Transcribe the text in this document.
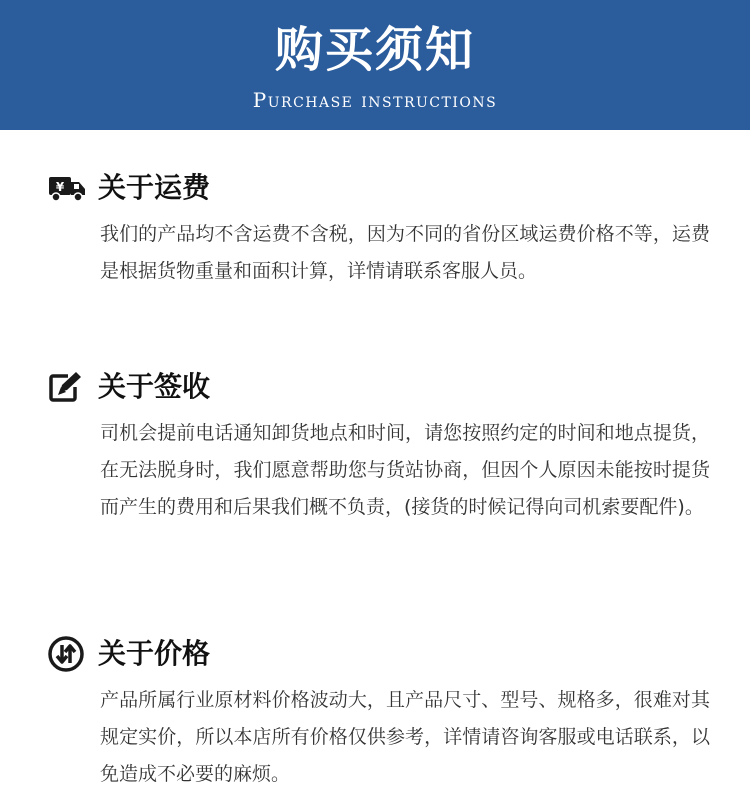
购买须知
Purchase instructions
¥ 关于运费
我们的产品均不含运费不含税，因为不同的省份区域运费价格不等，运费是根据货物重量和面积计算，详情请联系客服人员。
关于签收
司机会提前电话通知卸货地点和时间，请您按照约定的时间和地点提货，在无法脱身时，我们愿意帮助您与货站协商，但因个人原因未能按时提货而产生的费用和后果我们概不负责，(接货的时候记得向司机索要配件)。
关于价格
产品所属行业原材料价格波动大，且产品尺寸、型号、规格多，很难对其规定实价，所以本店所有价格仅供参考，详情请咨询客服或电话联系，以免造成不必要的麻烦。
